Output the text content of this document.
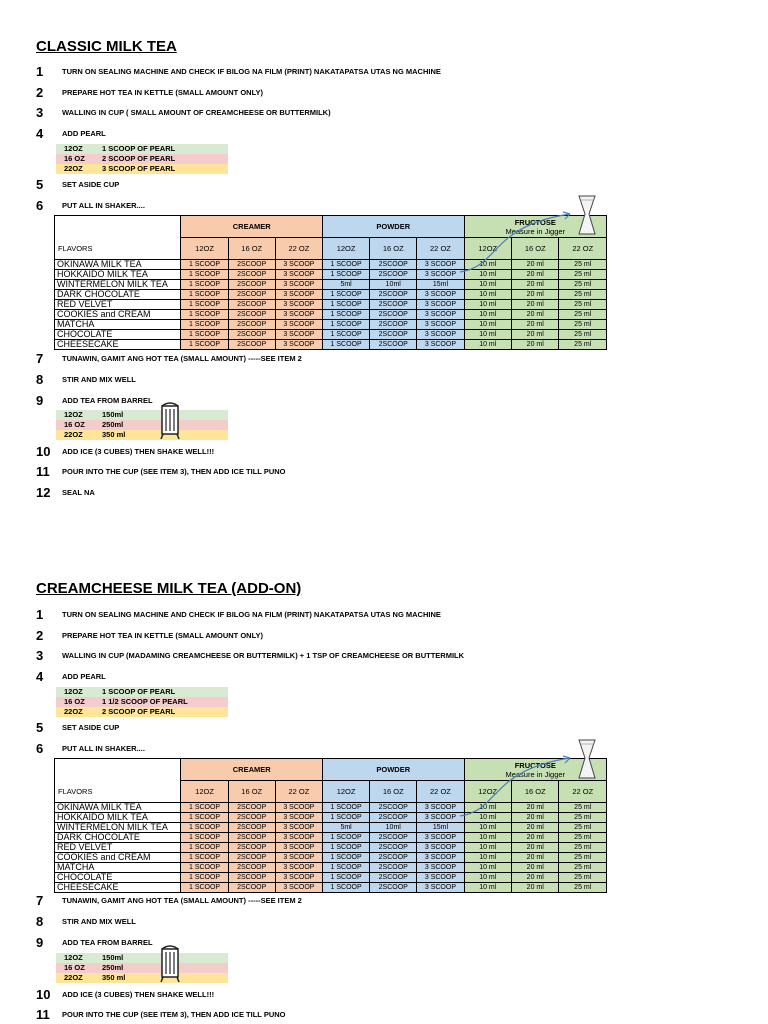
CLASSIC MILK TEA
1	TURN ON SEALING MACHINE AND CHECK IF BILOG NA FILM (PRINT) NAKATAPATSA UTAS NG MACHINE
2	PREPARE HOT TEA IN KETTLE (SMALL AMOUNT ONLY)
3	WALLING IN CUP ( SMALL AMOUNT OF CREAMCHEESE OR BUTTERMILK)
4	ADD PEARL
12OZ	1 SCOOP OF PEARL
16 OZ	2 SCOOP OF PEARL
22OZ	3 SCOOP OF PEARL
5	SET ASIDE CUP
6	PUT ALL IN SHAKER....
	CREAMER			POWDER			FRUCTOSE
Measure in Jigger		

FLAVORS	12OZ	16 OZ	22 OZ	12OZ	16 OZ	22 OZ	12OZ	16 OZ	22 OZ
OKINAWA MILK TEA	1 SCOOP	2SCOOP	3 SCOOP	1 SCOOP	2SCOOP	3 SCOOP	10 ml	20 ml	25 ml
HOKKAIDO MILK TEA	1 SCOOP	2SCOOP	3 SCOOP	1 SCOOP	2SCOOP	3 SCOOP	10 ml	20 ml	25 ml
WINTERMELON MILK TEA	1 SCOOP	2SCOOP	3 SCOOP	5ml	10ml	15ml	10 ml	20 ml	25 ml
DARK CHOCOLATE	1 SCOOP	2SCOOP	3 SCOOP	1 SCOOP	2SCOOP	3 SCOOP	10 ml	20 ml	25 ml
RED VELVET	1 SCOOP	2SCOOP	3 SCOOP	1 SCOOP	2SCOOP	3 SCOOP	10 ml	20 ml	25 ml
COOKIES and CREAM	1 SCOOP	2SCOOP	3 SCOOP	1 SCOOP	2SCOOP	3 SCOOP	10 ml	20 ml	25 ml
MATCHA	1 SCOOP	2SCOOP	3 SCOOP	1 SCOOP	2SCOOP	3 SCOOP	10 ml	20 ml	25 ml
CHOCOLATE	1 SCOOP	2SCOOP	3 SCOOP	1 SCOOP	2SCOOP	3 SCOOP	10 ml	20 ml	25 ml
CHEESECAKE	1 SCOOP	2SCOOP	3 SCOOP	1 SCOOP	2SCOOP	3 SCOOP	10 ml	20 ml	25 ml
7	TUNAWIN, GAMIT ANG HOT TEA (SMALL AMOUNT) -----SEE ITEM 2
8	STIR AND MIX WELL
9	ADD TEA FROM BARREL
12OZ	150ml
16 OZ	250ml
22OZ	350 ml
10	ADD ICE (3 CUBES) THEN SHAKE WELL!!!
11	POUR INTO THE CUP (SEE ITEM 3), THEN ADD ICE TILL PUNO
12	SEAL NA
CREAMCHEESE MILK TEA (ADD-ON)
1	TURN ON SEALING MACHINE AND CHECK IF BILOG NA FILM (PRINT) NAKATAPATSA UTAS NG MACHINE
2	PREPARE HOT TEA IN KETTLE (SMALL AMOUNT ONLY)
3	WALLING IN CUP (MADAMING CREAMCHEESE OR BUTTERMILK) + 1 TSP OF CREAMCHEESE OR BUTTERMILK
4	ADD PEARL
12OZ	1 SCOOP OF PEARL
16 OZ	1 1/2 SCOOP OF PEARL
22OZ	2 SCOOP OF PEARL
5	SET ASIDE CUP
6	PUT ALL IN SHAKER....
	CREAMER			POWDER			FRUCTOSE
Measure in Jigger		

FLAVORS	12OZ	16 OZ	22 OZ	12OZ	16 OZ	22 OZ	12OZ	16 OZ	22 OZ
OKINAWA MILK TEA	1 SCOOP	2SCOOP	3 SCOOP	1 SCOOP	2SCOOP	3 SCOOP	10 ml	20 ml	25 ml
HOKKAIDO MILK TEA	1 SCOOP	2SCOOP	3 SCOOP	1 SCOOP	2SCOOP	3 SCOOP	10 ml	20 ml	25 ml
WINTERMELON MILK TEA	1 SCOOP	2SCOOP	3 SCOOP	5ml	10ml	15ml	10 ml	20 ml	25 ml
DARK CHOCOLATE	1 SCOOP	2SCOOP	3 SCOOP	1 SCOOP	2SCOOP	3 SCOOP	10 ml	20 ml	25 ml
RED VELVET	1 SCOOP	2SCOOP	3 SCOOP	1 SCOOP	2SCOOP	3 SCOOP	10 ml	20 ml	25 ml
COOKIES and CREAM	1 SCOOP	2SCOOP	3 SCOOP	1 SCOOP	2SCOOP	3 SCOOP	10 ml	20 ml	25 ml
MATCHA	1 SCOOP	2SCOOP	3 SCOOP	1 SCOOP	2SCOOP	3 SCOOP	10 ml	20 ml	25 ml
CHOCOLATE	1 SCOOP	2SCOOP	3 SCOOP	1 SCOOP	2SCOOP	3 SCOOP	10 ml	20 ml	25 ml
CHEESECAKE	1 SCOOP	2SCOOP	3 SCOOP	1 SCOOP	2SCOOP	3 SCOOP	10 ml	20 ml	25 ml
7	TUNAWIN, GAMIT ANG HOT TEA (SMALL AMOUNT) -----SEE ITEM 2
8	STIR AND MIX WELL
9	ADD TEA FROM BARREL
12OZ	150ml
16 OZ	250ml
22OZ	350 ml
10	ADD ICE (3 CUBES) THEN SHAKE WELL!!!
11	POUR INTO THE CUP (SEE ITEM 3), THEN ADD ICE TILL PUNO
